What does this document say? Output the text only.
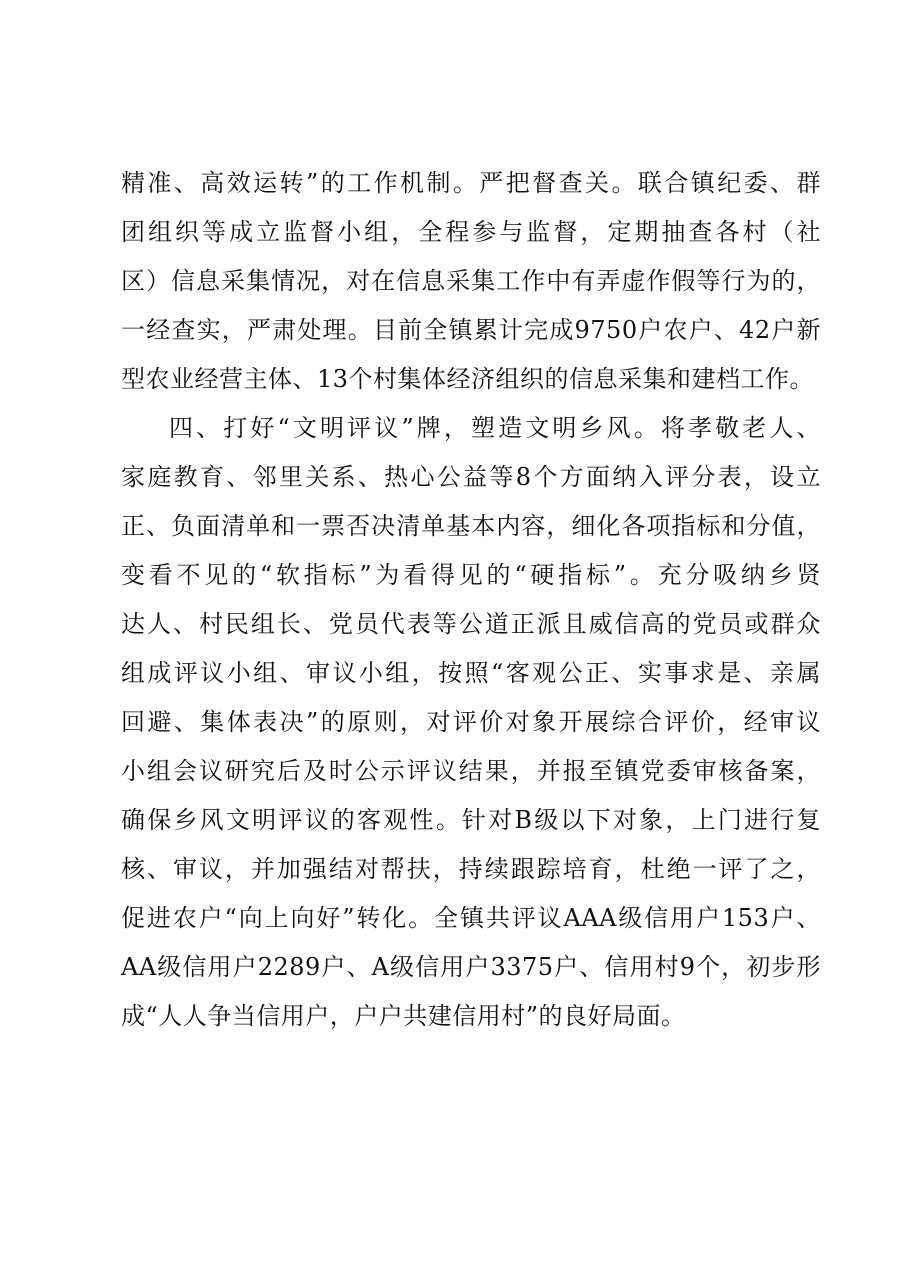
精准、高效运转”的工作机制。严把督查关。联合镇纪委、群
团组织等成立监督小组，全程参与监督，定期抽查各村（社
区）信息采集情况，对在信息采集工作中有弄虚作假等行为的，
一经查实，严肃处理。目前全镇累计完成9750户农户、42户新
型农业经营主体、13个村集体经济组织的信息采集和建档工作。
四、打好“文明评议”牌，塑造文明乡风。将孝敬老人、
家庭教育、邻里关系、热心公益等8个方面纳入评分表，设立
正、负面清单和一票否决清单基本内容，细化各项指标和分值，
变看不见的“软指标”为看得见的“硬指标”。充分吸纳乡贤
达人、村民组长、党员代表等公道正派且威信高的党员或群众
组成评议小组、审议小组，按照“客观公正、实事求是、亲属
回避、集体表决”的原则，对评价对象开展综合评价，经审议
小组会议研究后及时公示评议结果，并报至镇党委审核备案，
确保乡风文明评议的客观性。针对B级以下对象，上门进行复
核、审议，并加强结对帮扶，持续跟踪培育，杜绝一评了之，
促进农户“向上向好”转化。全镇共评议AAA级信用户153户、
AA级信用户2289户、A级信用户3375户、信用村9个，初步形
成“人人争当信用户，户户共建信用村”的良好局面。
